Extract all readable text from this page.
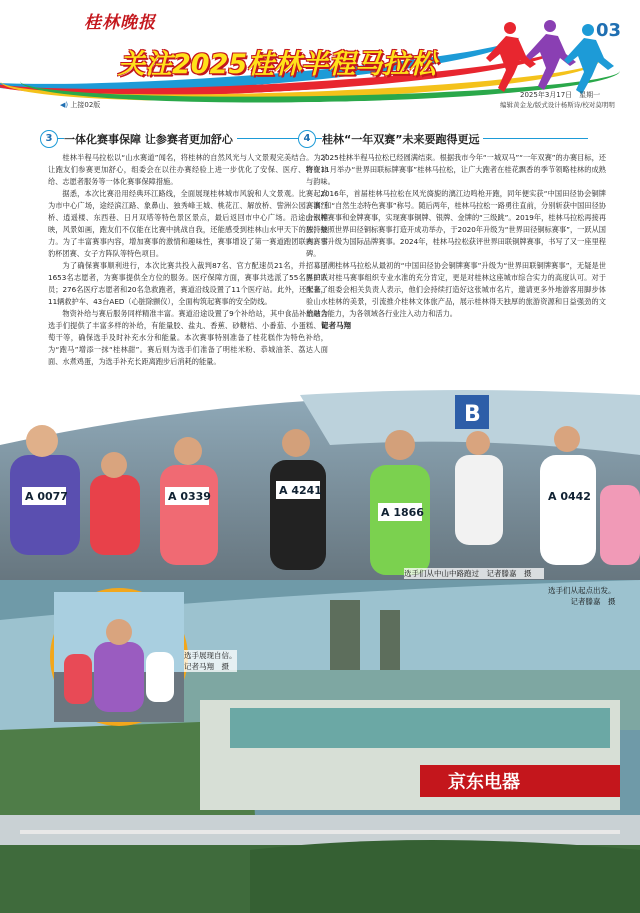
桂林晚报
关注2025桂林半程马拉松
03
2025年3月17日　星期一
编辑黄金龙/版式设计杨斯诗/校对莫明明
◀) 上接02版
3	一体化赛事保障 让参赛者更加舒心	4	桂林“一年双赛”未来要跑得更远

桂林半程马拉松以“山水赛道”闻名，将桂林的自然风光与人文景观完美结合。为了让跑友们参赛更加舒心，组委会在以往办赛经验上进一步优化了安保、医疗、物资补给、志愿者服务等一体化赛事保障措施。

据悉，本次比赛沿用经典环江路线，全面展现桂林城市风貌和人文景观。比赛起点为市中心广场，途经滨江路、象鼻山、独秀峰王城、桃花江、解放桥、訾洲公园、漓江桥、逍遥楼、东西巷、日月双塔等特色景区景点，最后返回市中心广场。沿途山水相映，风景如画，跑友们不仅能在比赛中挑战自我，还能感受到桂林山水甲天下的独特魅力。为了丰富赛事内容，增加赛事的激情和趣味性，赛事增设了第一赛道跑团联赛、雪豹杯团赛、女子方阵队等特色项目。

为了确保赛事顺利进行，本次比赛共投入裁判87名、官方配速员21名，并招募了1653名志愿者，为赛事提供全方位的服务。医疗保障方面，赛事共选派了55名医护人员；276名医疗志愿者和20名急救跑者，赛道沿线设置了11个医疗站。此外，还配备了11辆救护车、43台AED（心脏除颤仪），全面构筑起赛事的安全防线。

物资补给与赛后服务同样精准丰富。赛道沿途设置了9个补给站，其中食品补给站为选手们提供了丰富多样的补给，有能量胶、盐丸、香蕉、砂糖桔、小番茄、小蛋糕、葡萄干等，确保选手及时补充水分和能量。本次赛事特别准备了桂花糕作为特色补给，为“跑马”增添一抹“桂林甜”。赛后则为选手们准备了明桂米粉、恭城油茶、荔达人面面、水煮鸡蛋，为选手补充长距离跑步后消耗的能量。

2025桂林半程马拉松已经圆满结束。根据我市今年“一城双马”“一年双赛”的办赛目标，还将在11月举办“世界田联标牌赛事”桂林马拉松，让广大跑者在桂花飘香的季节领略桂林的成熟与韵味。

2016年，首届桂林马拉松在风光旖旎的漓江边鸣枪开跑，同年便实获“中国田径协会铜牌赛事”和“自然生态特色赛事”称号。随后两年，桂林马拉松一路勇往直前，分别斩获中国田径协会银牌赛事和金牌赛事，实现赛事铜牌、银牌、金牌的“三级跳”。2019年，桂林马拉松再接再厉，按照世界田径铜标赛事打造开成功举办，于2020年升级为“世界田径铜标赛事”，一跃从国内赛事升级为国际品牌赛事。2024年，桂林马拉松获评世界田联铜牌赛事，书写了又一座里程碑。

回溯桂林马拉松从最初的“中国田径协会铜牌赛事”升级为“世界田联铜牌赛事”，无疑是世界田联对桂马赛事组织专业水准的充分肯定，更是对桂林这座城市综合实力的高度认可。对于未来，组委会相关负责人表示，他们会持续打造好这张城市名片，邀请更多外地游客用脚步体验山水桂林的美景，引流推介桂林文体旅产品，展示桂林得天独厚的旅游资源和日益强劲的文旅融合能力，为各领域各行业注入动力和活力。

记者马翔

A 0077	A 0339	A 4241
A 1866
A 0442
B
京东电器
选手们从起点出发。
记者滕嘉　摄
选手们从中山中路跑过　记者滕嘉　摄
选手展现自信。
记者马翔　摄
